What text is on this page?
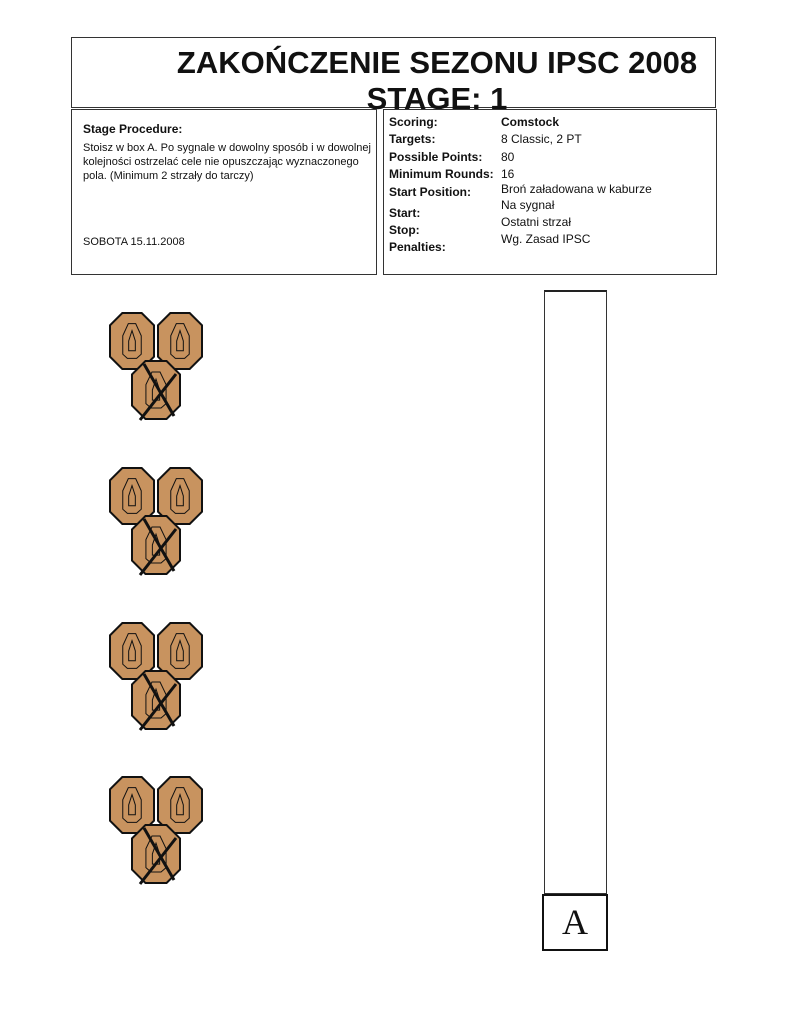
ZAKOŃCZENIE SEZONU IPSC 2008
STAGE: 1
Stage Procedure:
Stoisz w box A. Po sygnale w dowolny sposób i w dowolnej kolejności ostrzelać cele nie opuszczając wyznaczonego pola. (Minimum 2 strzały do tarczy)
SOBOTA 15.11.2008
Scoring:	Comstock
Targets:	8 Classic, 2 PT
Possible Points: 80
Minimum Rounds: 16
Start Position: Broń załadowana w kaburze
Start:
Na sygnał
Stop:
Ostatni strzał
Penalties:
Wg. Zasad IPSC
A
